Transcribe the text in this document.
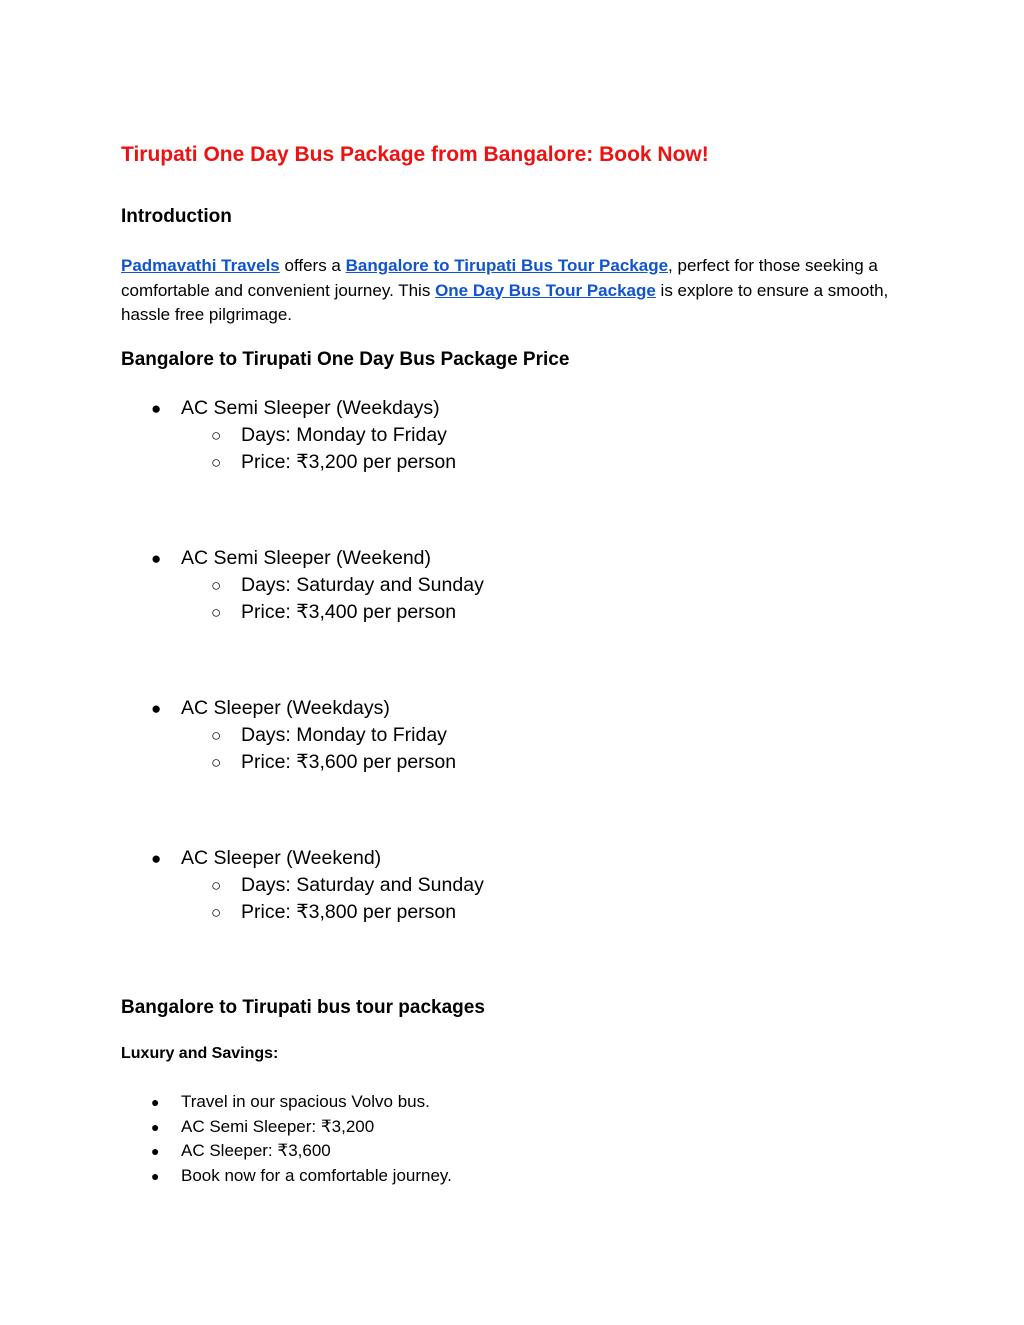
Tirupati One Day Bus Package from Bangalore: Book Now!
Introduction

Padmavathi Travels offers a Bangalore to Tirupati Bus Tour Package, perfect for those seeking a comfortable and convenient journey. This One Day Bus Tour Package is explore to ensure a smooth, hassle free pilgrimage.

Bangalore to Tirupati One Day Bus Package Price
● AC Semi Sleeper (Weekdays)
○ Days: Monday to Friday
○ Price: ₹3,200 per person
● AC Semi Sleeper (Weekend)
○ Days: Saturday and Sunday
○ Price: ₹3,400 per person
● AC Sleeper (Weekdays)
○ Days: Monday to Friday
○ Price: ₹3,600 per person
● AC Sleeper (Weekend)
○ Days: Saturday and Sunday
○ Price: ₹3,800 per person
Bangalore to Tirupati bus tour packages
Luxury and Savings:
● Travel in our spacious Volvo bus.
● AC Semi Sleeper: ₹3,200
● AC Sleeper: ₹3,600
● Book now for a comfortable journey.
